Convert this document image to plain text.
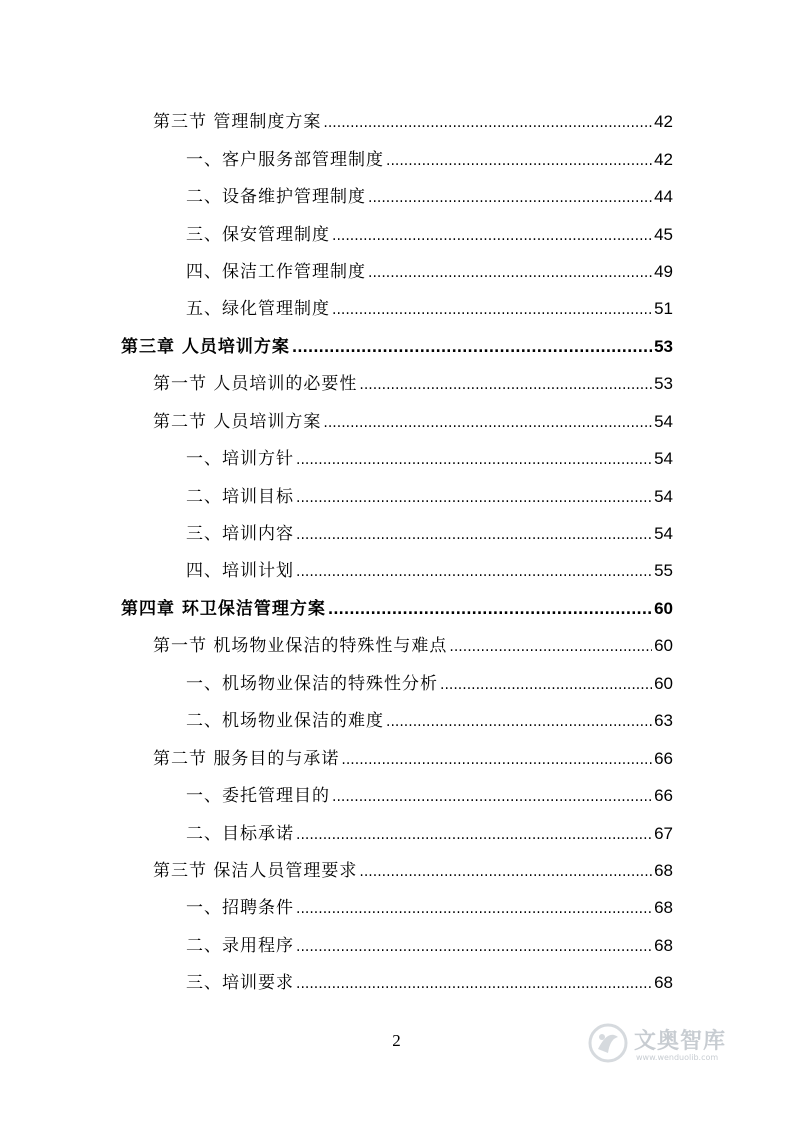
第三节 管理制度方案 .....	42
一、客户服务部管理制度 .....	42
二、设备维护管理制度 .....	44
三、保安管理制度 .....	45
四、保洁工作管理制度 .....	49
五、绿化管理制度 .....	51
第三章 人员培训方案 .....	53
第一节 人员培训的必要性 .....	53
第二节 人员培训方案 .....	54
一、培训方针 .....	54
二、培训目标 .....	54
三、培训内容 .....	54
四、培训计划 .....	55
第四章 环卫保洁管理方案 .....	60
第一节 机场物业保洁的特殊性与难点 .....	60
一、机场物业保洁的特殊性分析 .....	60
二、机场物业保洁的难度 .....	63
第二节 服务目的与承诺 .....	66
一、委托管理目的 .....	66
二、目标承诺 .....	67
第三节 保洁人员管理要求 .....	68
一、招聘条件 .....	68
二、录用程序 .....	68
三、培训要求 .....	68
2	文奥智库
www.wenduolib.com
